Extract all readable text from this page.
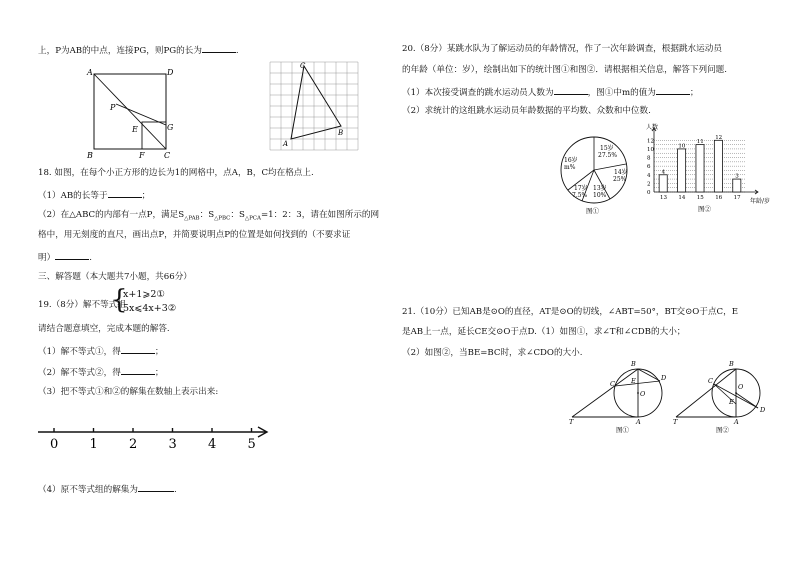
上，P为AB的中点，连接PG，则PG的长为	.
A	D
P
E	G
B	F C
C
B
A
18. 如图，在每个小正方形的边长为1的网格中，点A，B，C均在格点上.
（1）AB的长等于	；
（2）在△ABC的内部有一点P，满足$S_{\triangle PAB}$：$S_{\triangle PBC}$：$S_{\triangle PCA}=1$：2：3，请在如图所示的网
格中，用无刻度的直尺，画出点P，并简要说明点P的位置是如何找到的（不要求证
明）	.
三、解答题（本大题共7小题，共66分）
19.（8分）解不等式组
{
x+1⩾2①
5x⩽4x+3②
请结合题意填空，完成本题的解答.
（1）解不等式①，得	；
（2）解不等式②，得	；
（3）把不等式①和②的解集在数轴上表示出来:
0 1 2 3 4 5
（4）原不等式组的解集为	.
20.（8分）某跳水队为了解运动员的年龄情况，作了一次年龄调查，根据跳水运动员
的年龄（单位：岁），绘制出如下的统计图①和图②．请根据相关信息，解答下列问题.
（1）本次接受调查的跳水运动员人数为	，图①中m的值为	；
（2）求统计的这组跳水运动员年龄数据的平均数、众数和中位数.
15岁
27.5%
16岁
m%
14岁
25%
13岁
10%
17岁
7.5%
图①
0
2
4
6
8
10
12
4
13
10
14
11
15
12
16
3
17
人数
年龄/岁
图②
21.（10分）已知AB是⊙O的直径，AT是⊙O的切线，∠ABT=50°，BT交⊙O于点C，E
是AB上一点，延长CE交⊙O于点D.（1）如图①，求∠T和∠CDB的大小；
（2）如图②，当BE=BC时，求∠CDO的大小.
B
C E	D
O
T	A
图①
B
C
O
E
D
T	A
图②
